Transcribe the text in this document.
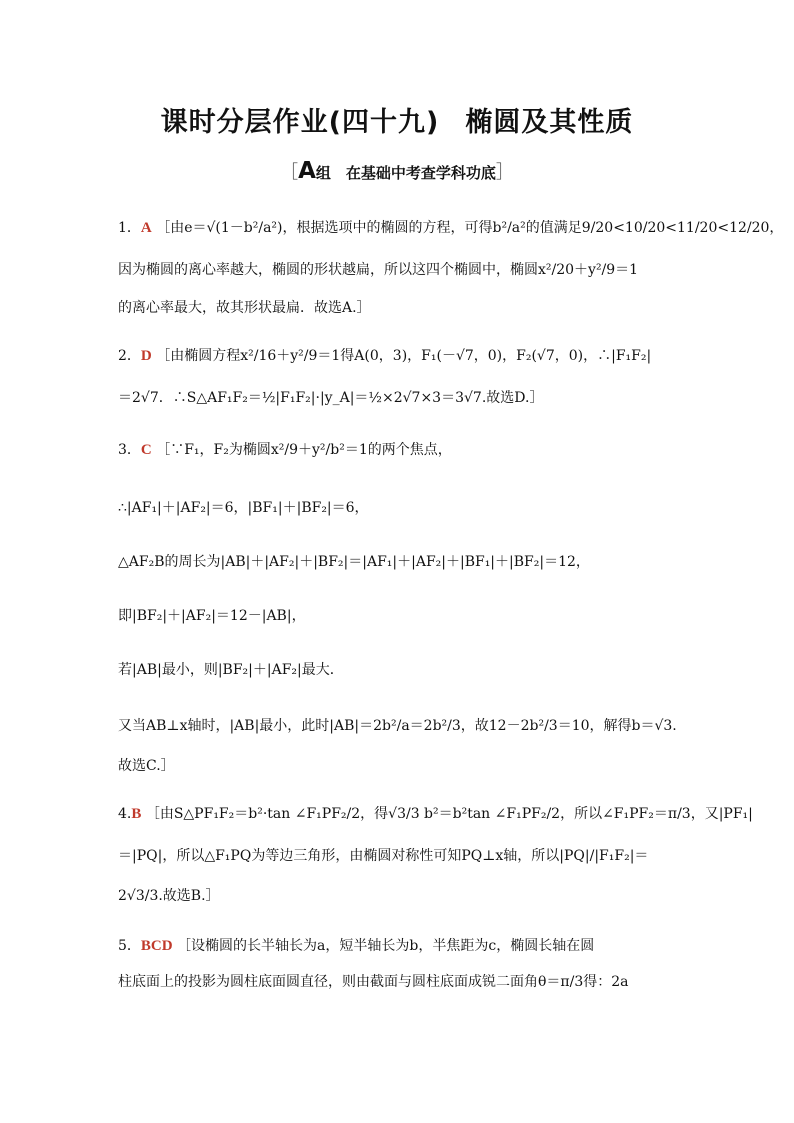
课时分层作业(四十九) 椭圆及其性质
［A组　在基础中考查学科功底］
1．A ［由e＝√(1－b²/a²)，根据选项中的椭圆的方程，可得b²/a²的值满足9/20<10/20<11/20<12/20，
因为椭圆的离心率越大，椭圆的形状越扁，所以这四个椭圆中，椭圆x²/20＋y²/9＝1
的离心率最大，故其形状最扁．故选A.］
2．D ［由椭圆方程x²/16＋y²/9＝1得A(0，3)，F₁(－√7，0)，F₂(√7，0)，∴|F₁F₂|
＝2√7．∴S△AF₁F₂＝½|F₁F₂|·|y_A|＝½×2√7×3＝3√7.故选D.］
3．C ［∵F₁，F₂为椭圆x²/9＋y²/b²＝1的两个焦点，
∴|AF₁|＋|AF₂|＝6，|BF₁|＋|BF₂|＝6，
△AF₂B的周长为|AB|＋|AF₂|＋|BF₂|＝|AF₁|＋|AF₂|＋|BF₁|＋|BF₂|＝12，
即|BF₂|＋|AF₂|＝12－|AB|，
若|AB|最小，则|BF₂|＋|AF₂|最大．
又当AB⊥x轴时，|AB|最小，此时|AB|＝2b²/a＝2b²/3，故12－2b²/3＝10，解得b＝√3.
故选C.］
4.B ［由S△PF₁F₂＝b²·tan ∠F₁PF₂/2，得√3/3 b²＝b²tan ∠F₁PF₂/2，所以∠F₁PF₂＝π/3，又|PF₁|
＝|PQ|，所以△F₁PQ为等边三角形，由椭圆对称性可知PQ⊥x轴，所以|PQ|/|F₁F₂|＝
2√3/3.故选B.］
5．BCD ［设椭圆的长半轴长为a，短半轴长为b，半焦距为c，椭圆长轴在圆
柱底面上的投影为圆柱底面圆直径，则由截面与圆柱底面成锐二面角θ＝π/3得：2a
